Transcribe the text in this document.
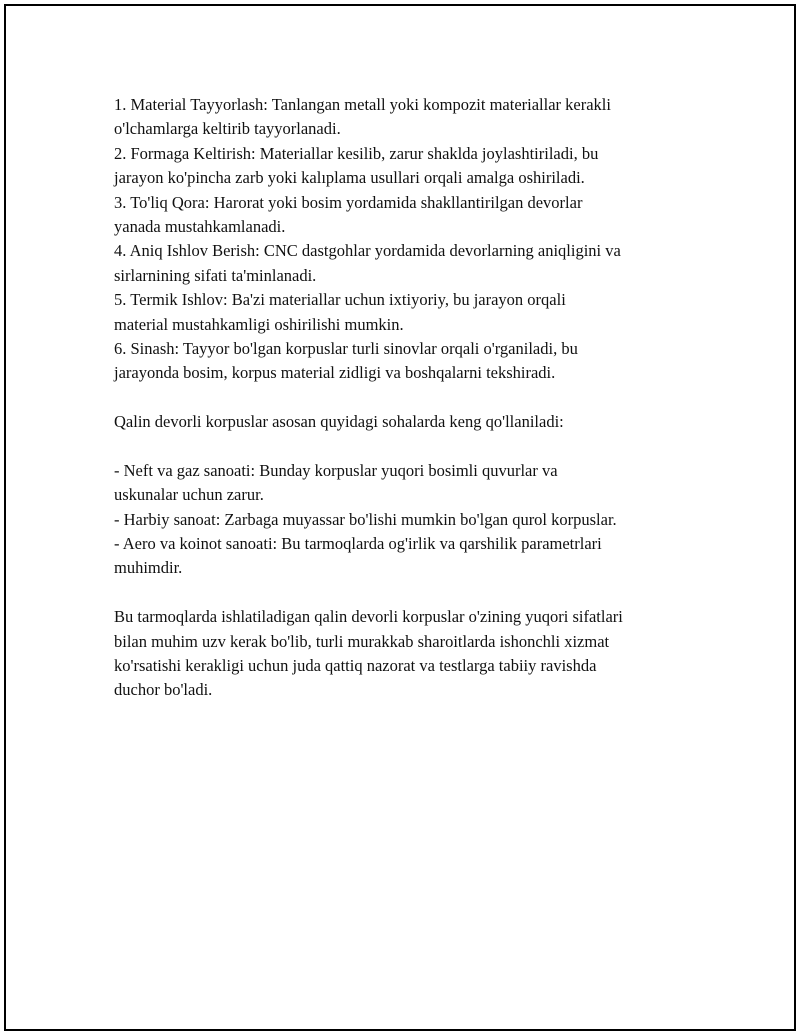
1. Material Tayyorlash: Tanlangan metall yoki kompozit materiallar kerakli
o'lchamlarga keltirib tayyorlanadi.
2. Formaga Keltirish: Materiallar kesilib, zarur shaklda joylashtiriladi, bu
jarayon ko'pincha zarb yoki kalıplama usullari orqali amalga oshiriladi.
3. To'liq Qora: Harorat yoki bosim yordamida shakllantirilgan devorlar
yanada mustahkamlanadi.
4. Aniq Ishlov Berish: CNC dastgohlar yordamida devorlarning aniqligini va
sirlarnining sifati ta'minlanadi.
5. Termik Ishlov: Ba'zi materiallar uchun ixtiyoriy, bu jarayon orqali
material mustahkamligi oshirilishi mumkin.
6. Sinash: Tayyor bo'lgan korpuslar turli sinovlar orqali o'rganiladi, bu
jarayonda bosim, korpus material zidligi va boshqalarni tekshiradi.
Qalin devorli korpuslar asosan quyidagi sohalarda keng qo'llaniladi:
- Neft va gaz sanoati: Bunday korpuslar yuqori bosimli quvurlar va
uskunalar uchun zarur.
- Harbiy sanoat: Zarbaga muyassar bo'lishi mumkin bo'lgan qurol korpuslar.
- Aero va koinot sanoati: Bu tarmoqlarda og'irlik va qarshilik parametrlari
muhimdir.
Bu tarmoqlarda ishlatiladigan qalin devorli korpuslar o'zining yuqori sifatlari
bilan muhim uzv kerak bo'lib, turli murakkab sharoitlarda ishonchli xizmat
ko'rsatishi kerakligi uchun juda qattiq nazorat va testlarga tabiiy ravishda
duchor bo'ladi.
